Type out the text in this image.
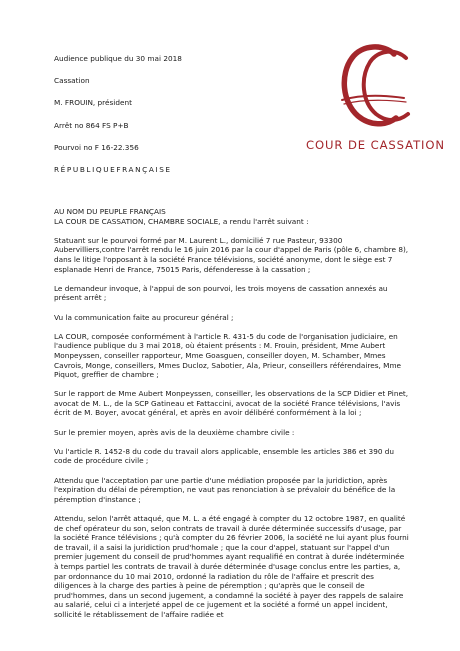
Audience publique du 30 mai 2018

Cassation

M. FROUIN, président

Arrêt no 864 FS P+B

Pourvoi no F 16-22.356

RÉPUBLIQUEFRANÇAISE

COUR DE CASSATION

AU NOM DU PEUPLE FRANÇAIS

LA COUR DE CASSATION, CHAMBRE SOCIALE, a rendu l'arrêt suivant :

Statuant sur le pourvoi formé par M. Laurent L., domicilié 7 rue Pasteur, 93300 Aubervilliers,contre l'arrêt rendu le 16 juin 2016 par la cour d'appel de Paris (pôle 6, chambre 8), dans le litige l'opposant à la société France télévisions, société anonyme, dont le siège est 7 esplanade Henri de France, 75015 Paris, défenderesse à la cassation ;

Le demandeur invoque, à l'appui de son pourvoi, les trois moyens de cassation annexés au présent arrêt ;

Vu la communication faite au procureur général ;

LA COUR, composée conformément à l'article R. 431-5 du code de l'organisation judiciaire, en l'audience publique du 3 mai 2018, où étaient présents : M. Frouin, président, Mme Aubert Monpeyssen, conseiller rapporteur, Mme Goasguen, conseiller doyen, M. Schamber, Mmes Cavrois, Monge, conseillers, Mmes Ducloz, Sabotier, Ala, Prieur, conseillers référendaires, Mme Piquot, greffier de chambre ;

Sur le rapport de Mme Aubert Monpeyssen, conseiller, les observations de la SCP Didier et Pinet, avocat de M. L., de la SCP Gatineau et Fattaccini, avocat de la société France télévisions, l'avis écrit de M. Boyer, avocat général, et après en avoir délibéré conformément à la loi ;

Sur le premier moyen, après avis de la deuxième chambre civile :

Vu l'article R. 1452-8 du code du travail alors applicable, ensemble les articles 386 et 390 du code de procédure civile ;

Attendu que l'acceptation par une partie d'une médiation proposée par la juridiction, après l'expiration du délai de péremption, ne vaut pas renonciation à se prévaloir du bénéfice de la péremption d'instance ;

Attendu, selon l'arrêt attaqué, que M. L. a été engagé à compter du 12 octobre 1987, en qualité de chef opérateur du son, selon contrats de travail à durée déterminée successifs d'usage, par la société France télévisions ; qu'à compter du 26 février 2006, la société ne lui ayant plus fourni de travail, il a saisi la juridiction prud'homale ; que la cour d'appel, statuant sur l'appel d'un premier jugement du conseil de prud'hommes ayant requalifié en contrat à durée indéterminée à temps partiel les contrats de travail à durée déterminée d'usage conclus entre les parties, a, par ordonnance du 10 mai 2010, ordonné la radiation du rôle de l'affaire et prescrit des diligences à la charge des parties à peine de péremption ; qu'après que le conseil de prud'hommes, dans un second jugement, a condamné la société à payer des rappels de salaire au salarié, celui ci a interjeté appel de ce jugement et la société a formé un appel incident, sollicité le rétablissement de l'affaire radiée et
